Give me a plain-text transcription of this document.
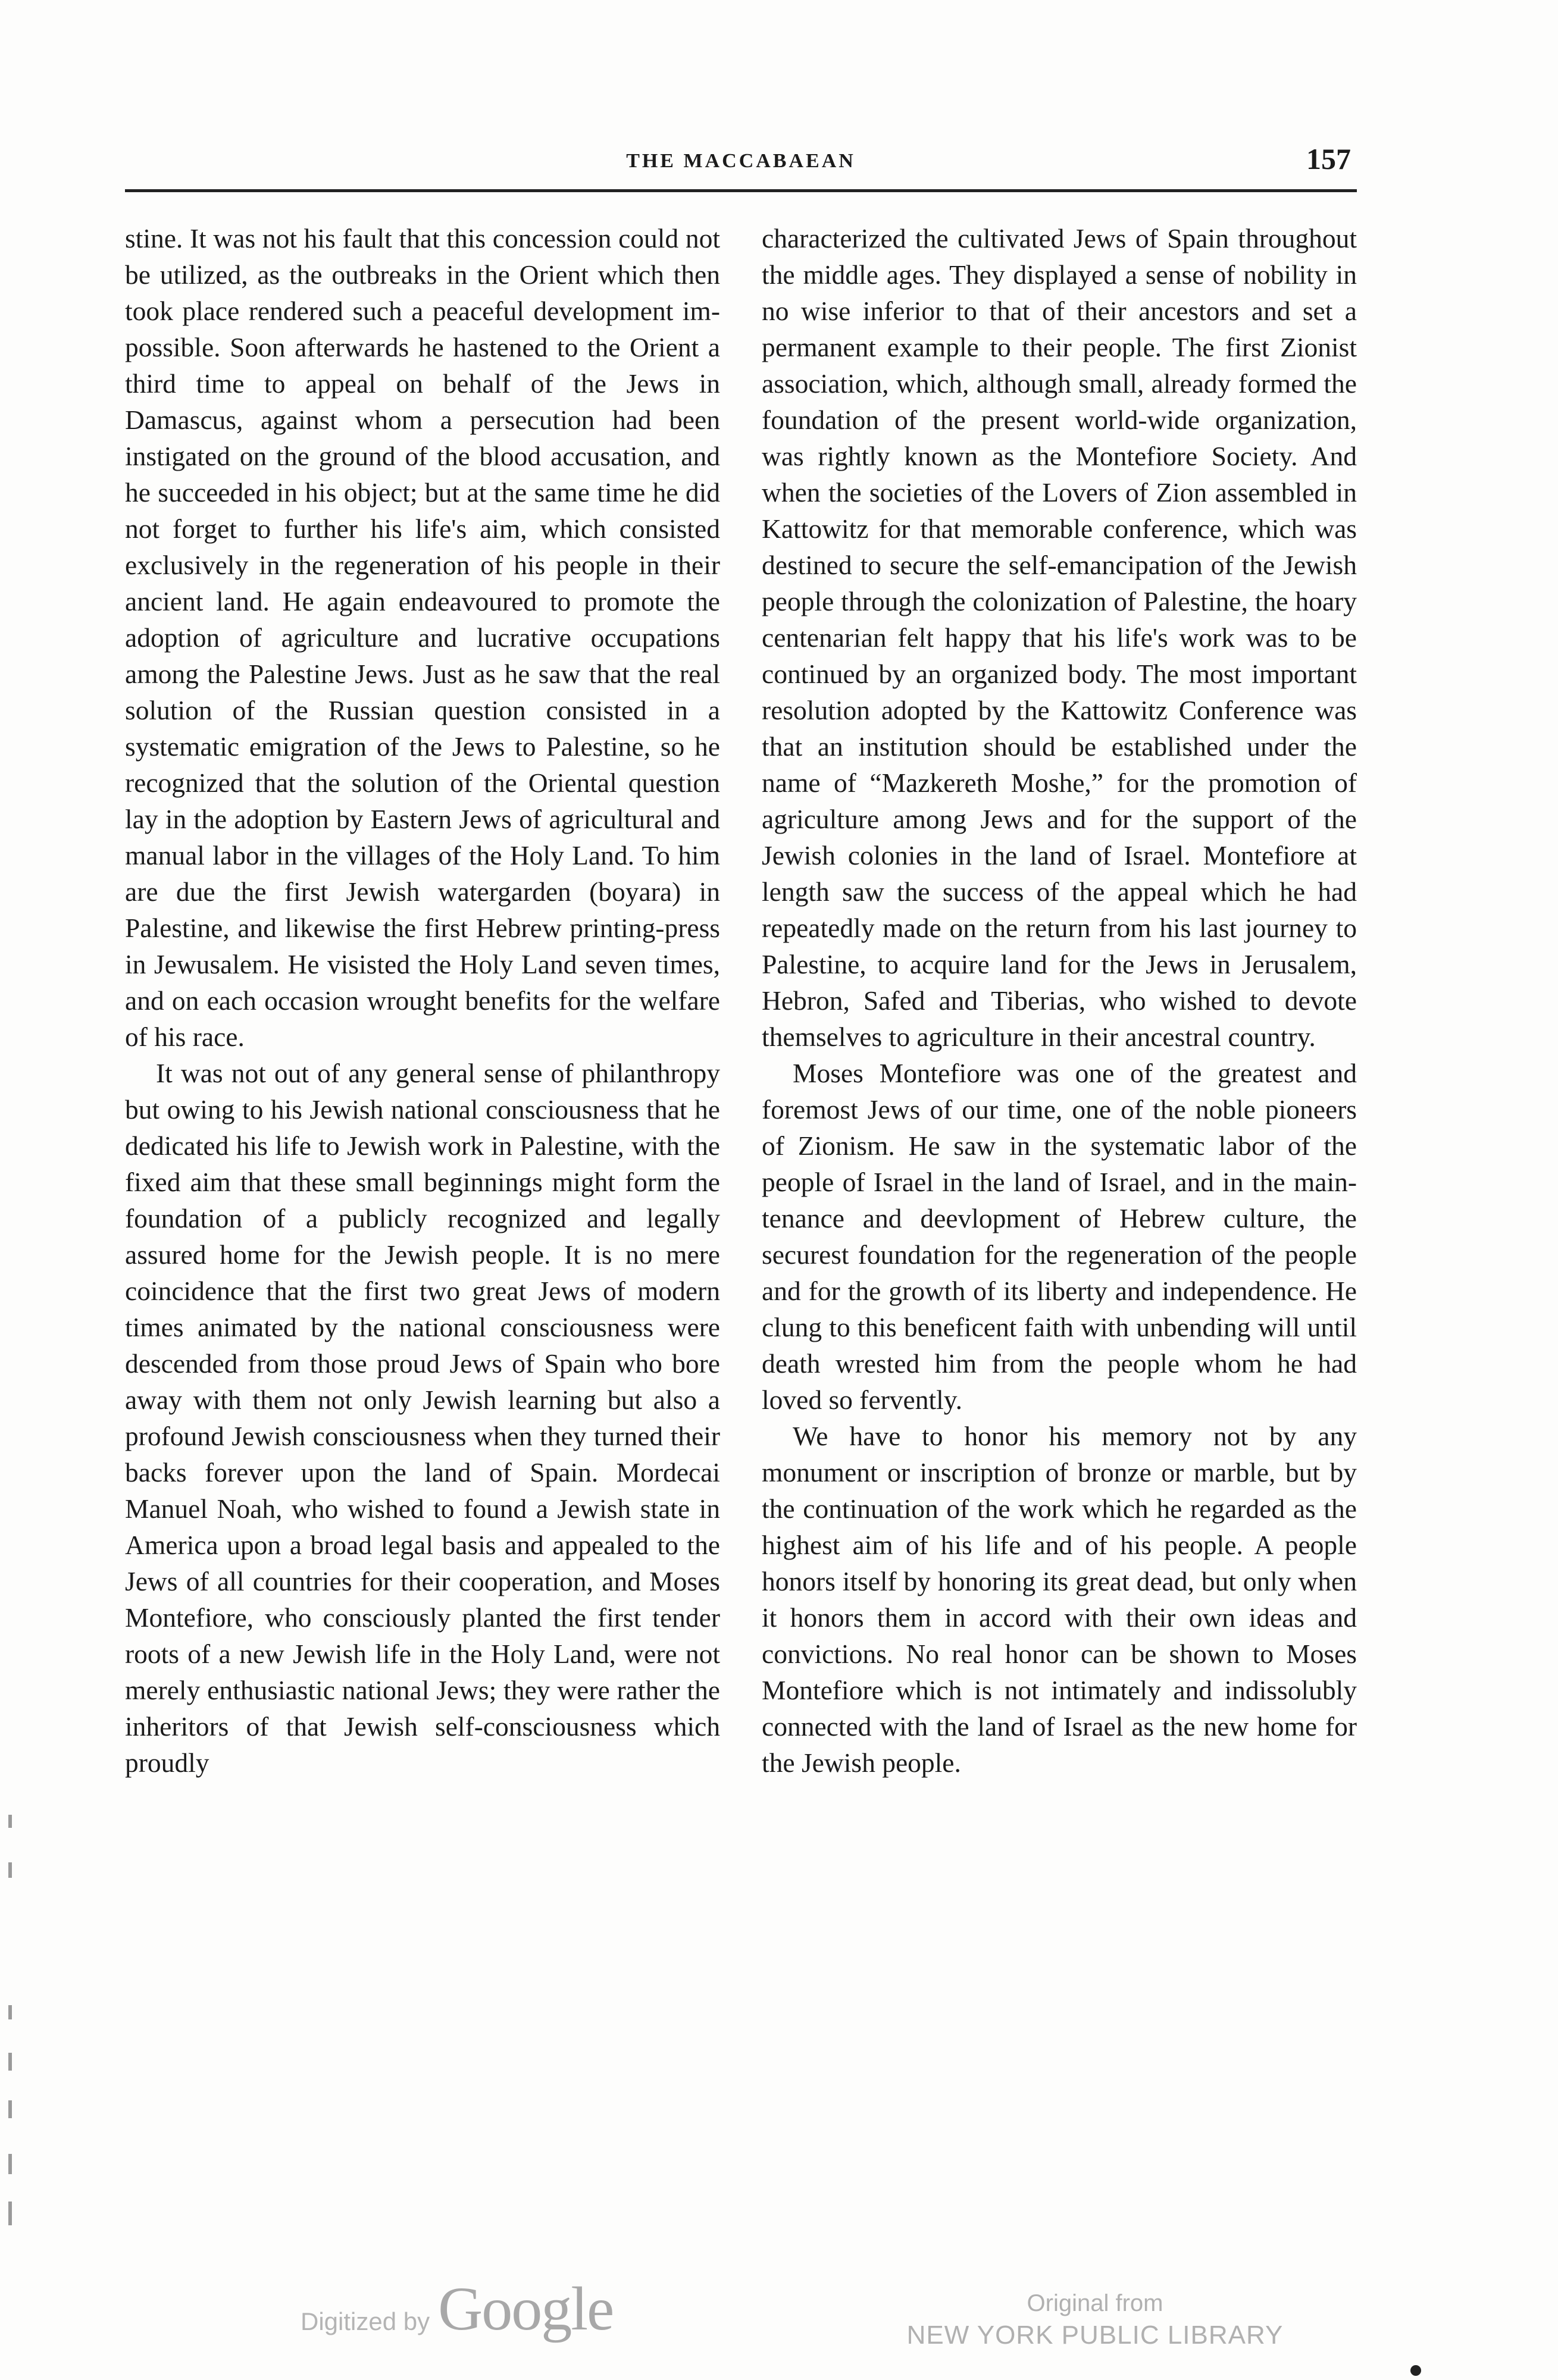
THE MACCABAEAN	157

stine. It was not his fault that this concession could not be utilized, as the outbreaks in the Orient which then took place rendered such a peaceful development impossible. Soon afterwards he hastened to the Orient a third time to appeal on behalf of the Jews in Damascus, against whom a persecution had been instigated on the ground of the blood accusation, and he succeeded in his object; but at the same time he did not forget to further his life's aim, which consisted exclusively in the regeneration of his people in their ancient land. He again endeavoured to promote the adoption of agriculture and lucrative occupations among the Palestine Jews. Just as he saw that the real solution of the Russian question consisted in a systematic emigration of the Jews to Palestine, so he recognized that the solution of the Oriental question lay in the adoption by Eastern Jews of agricultural and manual labor in the villages of the Holy Land. To him are due the first Jewish watergarden (boyara) in Palestine, and likewise the first Hebrew printing-press in Jewusalem. He visisted the Holy Land seven times, and on each occasion wrought benefits for the welfare of his race.

It was not out of any general sense of philanthropy but owing to his Jewish national consciousness that he dedicated his life to Jewish work in Palestine, with the fixed aim that these small beginnings might form the foundation of a publicly recognized and legally assured home for the Jewish people. It is no mere coincidence that the first two great Jews of modern times animated by the national consciousness were descended from those proud Jews of Spain who bore away with them not only Jewish learning but also a profound Jewish consciousness when they turned their backs forever upon the land of Spain. Mordecai Manuel Noah, who wished to found a Jewish state in America upon a broad legal basis and appealed to the Jews of all countries for their cooperation, and Moses Montefiore, who consciously planted the first tender roots of a new Jewish life in the Holy Land, were not merely enthusiastic national Jews; they were rather the inheritors of that Jewish self-consciousness which proudly

characterized the cultivated Jews of Spain throughout the middle ages. They displayed a sense of nobility in no wise inferior to that of their ancestors and set a permanent example to their people. The first Zionist association, which, although small, already formed the foundation of the present world-wide organization, was rightly known as the Montefiore Society. And when the societies of the Lovers of Zion assembled in Kattowitz for that memorable conference, which was destined to secure the self-emancipation of the Jewish people through the colonization of Palestine, the hoary centenarian felt happy that his life's work was to be continued by an organized body. The most important resolution adopted by the Kattowitz Conference was that an institution should be established under the name of “Mazkereth Moshe,” for the promotion of agriculture among Jews and for the support of the Jewish colonies in the land of Israel. Montefiore at length saw the success of the appeal which he had repeatedly made on the return from his last journey to Palestine, to acquire land for the Jews in Jerusalem, Hebron, Safed and Tiberias, who wished to devote themselves to agriculture in their ancestral country.

Moses Montefiore was one of the greatest and foremost Jews of our time, one of the noble pioneers of Zionism. He saw in the systematic labor of the people of Israel in the land of Israel, and in the maintenance and deevlopment of Hebrew culture, the securest foundation for the regeneration of the people and for the growth of its liberty and independence. He clung to this beneficent faith with unbending will until death wrested him from the people whom he had loved so fervently.

We have to honor his memory not by any monument or inscription of bronze or marble, but by the continuation of the work which he regarded as the highest aim of his life and of his people. A people honors itself by honoring its great dead, but only when it honors them in accord with their own ideas and convictions. No real honor can be shown to Moses Montefiore which is not intimately and indissolubly connected with the land of Israel as the new home for the Jewish people.

Digitized by Google	Original from
NEW YORK PUBLIC LIBRARY
